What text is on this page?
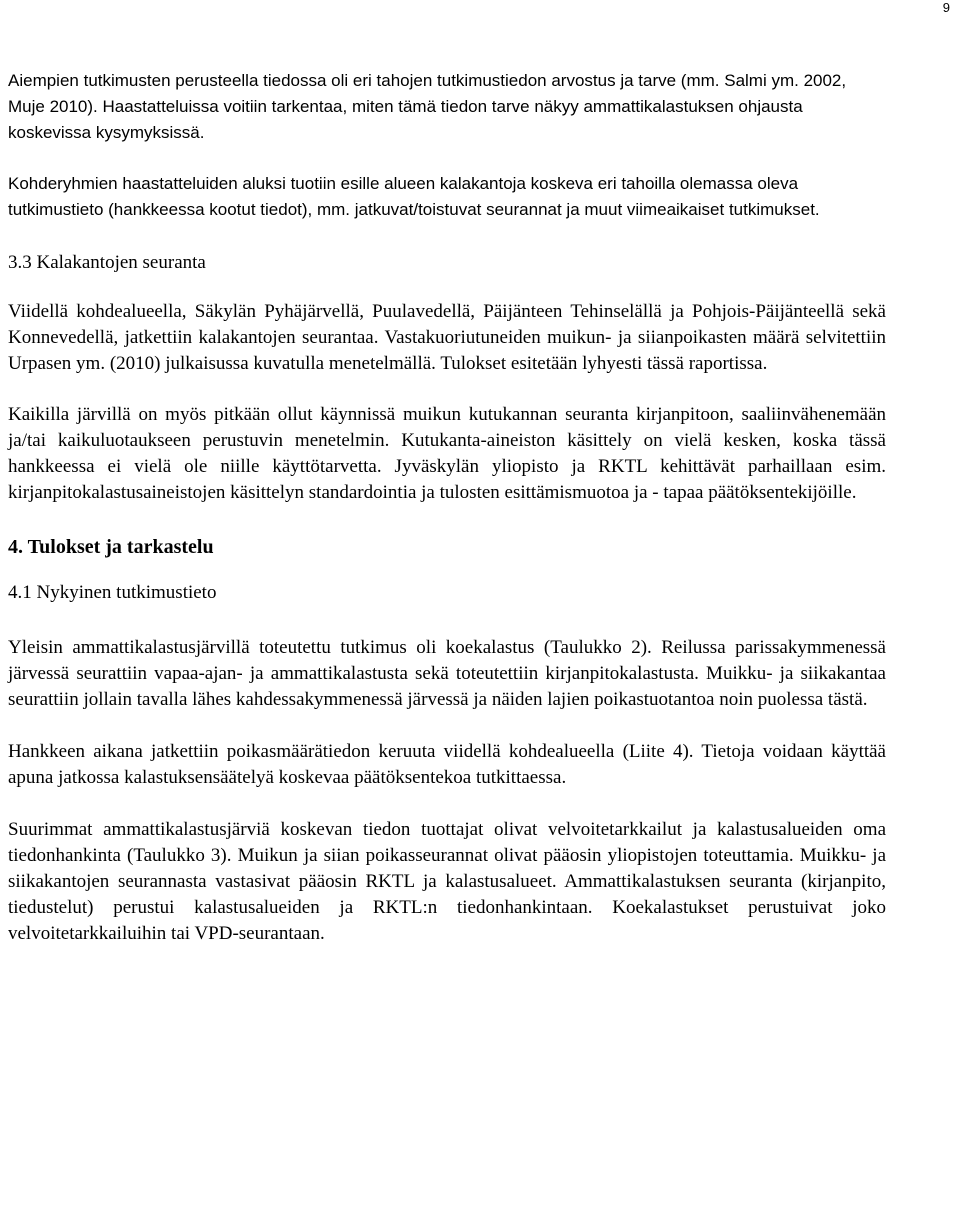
9

Aiempien tutkimusten perusteella tiedossa oli eri tahojen tutkimustiedon arvostus ja tarve (mm. Salmi ym. 2002, Muje 2010). Haastatteluissa voitiin tarkentaa, miten tämä tiedon tarve näkyy ammattikalastuksen ohjausta koskevissa kysymyksissä.

Kohderyhmien haastatteluiden aluksi tuotiin esille alueen kalakantoja koskeva eri tahoilla olemassa oleva tutkimustieto (hankkeessa kootut tiedot), mm. jatkuvat/toistuvat seurannat ja muut viimeaikaiset tutkimukset.

3.3 Kalakantojen seuranta

Viidellä kohdealueella, Säkylän Pyhäjärvellä, Puulavedellä, Päijänteen Tehinselällä ja Pohjois-Päijänteellä sekä Konnevedellä, jatkettiin kalakantojen seurantaa. Vastakuoriutuneiden muikun- ja siianpoikasten määrä selvitettiin Urpasen ym. (2010) julkaisussa kuvatulla menetelmällä. Tulokset esitetään lyhyesti tässä raportissa.

Kaikilla järvillä on myös pitkään ollut käynnissä muikun kutukannan seuranta kirjanpitoon, saaliinvähenemään ja/tai kaikuluotaukseen perustuvin menetelmin. Kutukanta-aineiston käsittely on vielä kesken, koska tässä hankkeessa ei vielä ole niille käyttötarvetta. Jyväskylän yliopisto ja RKTL kehittävät parhaillaan esim. kirjanpitokalastusaineistojen käsittelyn standardointia ja tulosten esittämismuotoa ja - tapaa päätöksentekijöille.

4. Tulokset ja tarkastelu

4.1 Nykyinen tutkimustieto

Yleisin ammattikalastusjärvillä toteutettu tutkimus oli koekalastus (Taulukko 2). Reilussa parissakymmenessä järvessä seurattiin vapaa-ajan- ja ammattikalastusta sekä toteutettiin kirjanpitokalastusta. Muikku- ja siikakantaa seurattiin jollain tavalla lähes kahdessakymmenessä järvessä ja näiden lajien poikastuotantoa noin puolessa tästä.

Hankkeen aikana jatkettiin poikasmäärätiedon keruuta viidellä kohdealueella (Liite 4). Tietoja voidaan käyttää apuna jatkossa kalastuksensäätelyä koskevaa päätöksentekoa tutkittaessa.

Suurimmat ammattikalastusjärviä koskevan tiedon tuottajat olivat velvoitetarkkailut ja kalastusalueiden oma tiedonhankinta (Taulukko 3). Muikun ja siian poikasseurannat olivat pääosin yliopistojen toteuttamia. Muikku- ja siikakantojen seurannasta vastasivat pääosin RKTL ja kalastusalueet. Ammattikalastuksen seuranta (kirjanpito, tiedustelut) perustui kalastusalueiden ja RKTL:n tiedonhankintaan. Koekalastukset perustuivat joko velvoitetarkkailuihin tai VPD-seurantaan.
